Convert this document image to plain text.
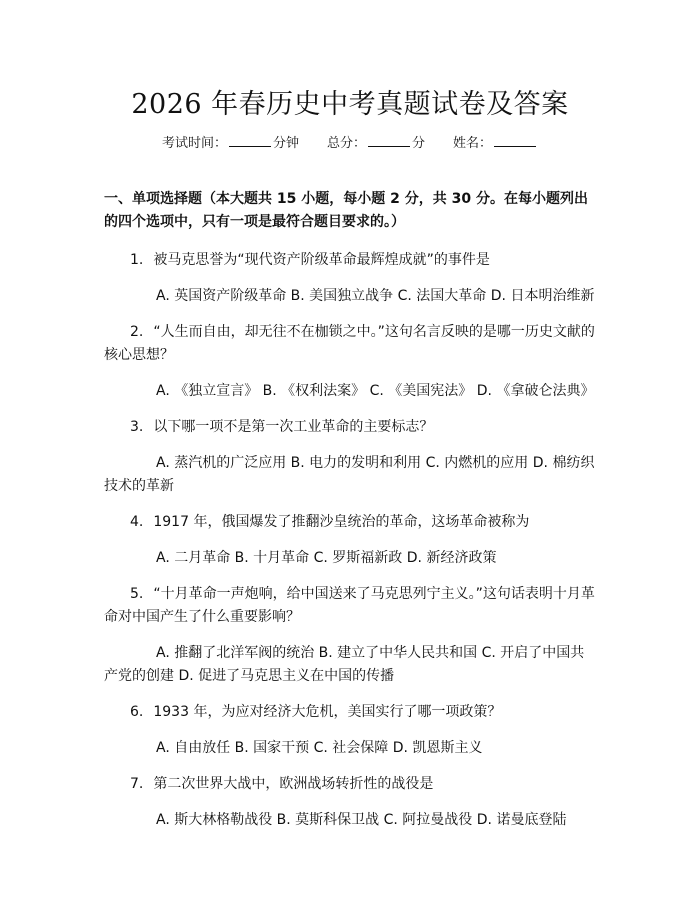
2026 年春历史中考真题试卷及答案
考试时间：	分钟 总分：	分 姓名：

一、单项选择题（本大题共 15 小题，每小题 2 分，共 30 分。在每小题列出的四个选项中，只有一项是最符合题目要求的。）

1. 被马克思誉为“现代资产阶级革命最辉煌成就”的事件是

A. 英国资产阶级革命 B. 美国独立战争 C. 法国大革命 D. 日本明治维新

2. “人生而自由，却无往不在枷锁之中。”这句名言反映的是哪一历史文献的核心思想？

A. 《独立宣言》 B. 《权利法案》 C. 《美国宪法》 D. 《拿破仑法典》

3. 以下哪一项不是第一次工业革命的主要标志？

A. 蒸汽机的广泛应用 B. 电力的发明和利用 C. 内燃机的应用 D. 棉纺织技术的革新

4. 1917 年，俄国爆发了推翻沙皇统治的革命，这场革命被称为

A. 二月革命 B. 十月革命 C. 罗斯福新政 D. 新经济政策

5. “十月革命一声炮响，给中国送来了马克思列宁主义。”这句话表明十月革命对中国产生了什么重要影响？

A. 推翻了北洋军阀的统治 B. 建立了中华人民共和国 C. 开启了中国共产党的创建 D. 促进了马克思主义在中国的传播

6. 1933 年，为应对经济大危机，美国实行了哪一项政策？

A. 自由放任 B. 国家干预 C. 社会保障 D. 凯恩斯主义

7. 第二次世界大战中，欧洲战场转折性的战役是

A. 斯大林格勒战役 B. 莫斯科保卫战 C. 阿拉曼战役 D. 诺曼底登陆
